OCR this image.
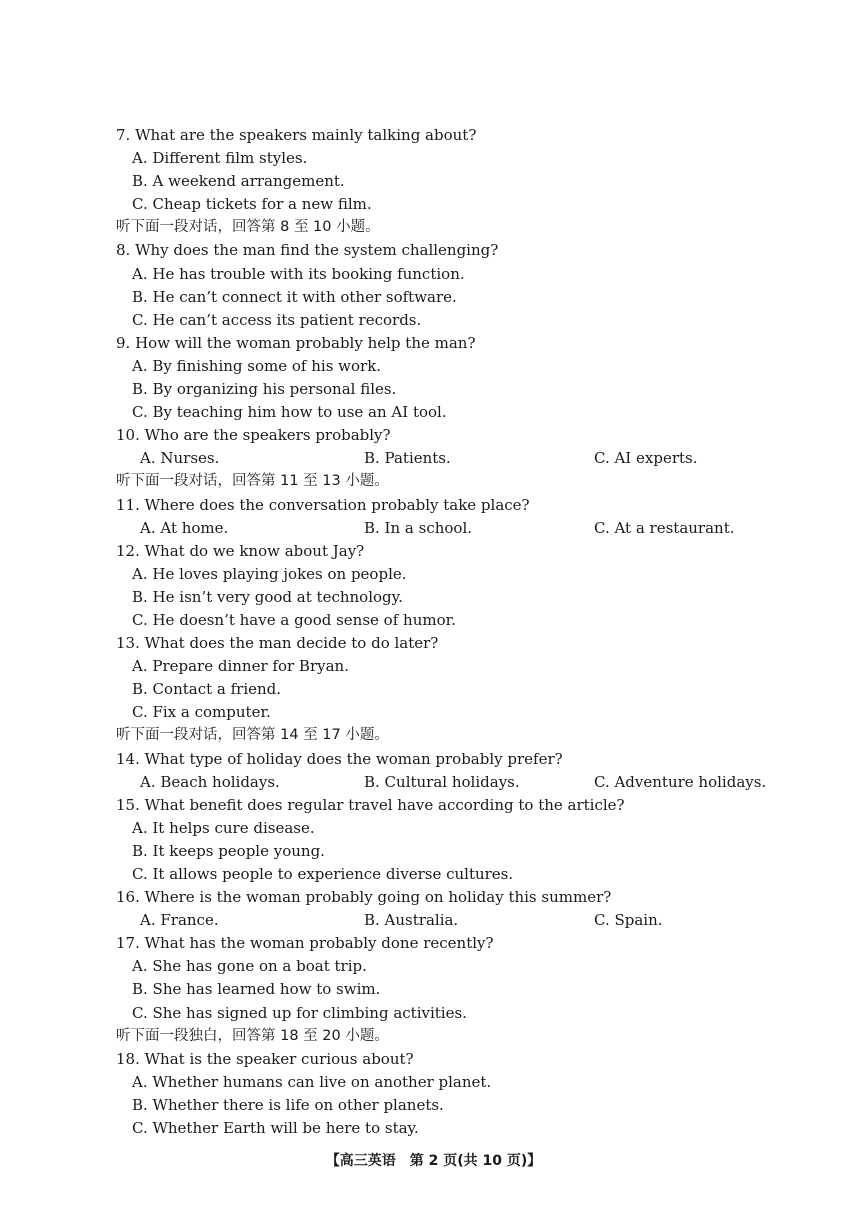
7. What are the speakers mainly talking about?
A. Different film styles.
B. A weekend arrangement.
C. Cheap tickets for a new film.
听下面一段对话，回答第 8 至 10 小题。
8. Why does the man find the system challenging?
A. He has trouble with its booking function.
B. He can’t connect it with other software.
C. He can’t access its patient records.
9. How will the woman probably help the man?
A. By finishing some of his work.
B. By organizing his personal files.
C. By teaching him how to use an AI tool.
10. Who are the speakers probably?
A. Nurses.	B. Patients.	C. AI experts.
听下面一段对话，回答第 11 至 13 小题。
11. Where does the conversation probably take place?
A. At home.	B. In a school.	C. At a restaurant.
12. What do we know about Jay?
A. He loves playing jokes on people.
B. He isn’t very good at technology.
C. He doesn’t have a good sense of humor.
13. What does the man decide to do later?
A. Prepare dinner for Bryan.
B. Contact a friend.
C. Fix a computer.
听下面一段对话，回答第 14 至 17 小题。
14. What type of holiday does the woman probably prefer?
A. Beach holidays.	B. Cultural holidays.	C. Adventure holidays.
15. What benefit does regular travel have according to the article?
A. It helps cure disease.
B. It keeps people young.
C. It allows people to experience diverse cultures.
16. Where is the woman probably going on holiday this summer?
A. France.	B. Australia.	C. Spain.
17. What has the woman probably done recently?
A. She has gone on a boat trip.
B. She has learned how to swim.
C. She has signed up for climbing activities.
听下面一段独白，回答第 18 至 20 小题。
18. What is the speaker curious about?
A. Whether humans can live on another planet.
B. Whether there is life on other planets.
C. Whether Earth will be here to stay.
【高三英语　第 2 页(共 10 页)】
